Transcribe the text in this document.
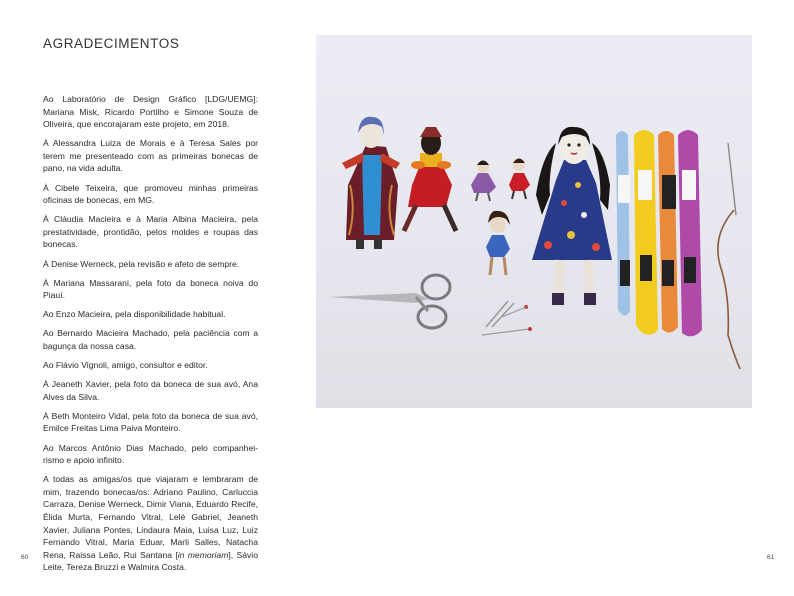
AGRADECIMENTOS

Ao Laboratório de Design Gráfico [LDG/UEMG]: Mariana Misk, Ricardo Portilho e Simone Souza de Oliveira, que encorajaram este projeto, em 2018.

À Alessandra Luiza de Morais e à Teresa Sales por terem me presenteado com as primeiras bonecas de pano, na vida adulta.

À Cibele Teixeira, que promoveu minhas primeiras oficinas de bonecas, em MG.

À Cláudia Macieira e à Maria Albina Macieira, pela prestatividade, prontidão, pelos moldes e roupas das bonecas.

À Denise Werneck, pela revisão e afeto de sempre.

À Mariana Massarani, pela foto da boneca noiva do Piauí.

Ao Enzo Macieira, pela disponibilidade habitual.

Ao Bernardo Macieira Machado, pela paciência com a bagunça da nossa casa.

Ao Flávio Vignoli, amigo, consultor e editor.

À Jeaneth Xavier, pela foto da boneca de sua avó, Ana Alves da Silva.

À Beth Monteiro Vidal, pela foto da boneca de sua avó, Emilce Freitas Lima Paiva Monteiro.

Ao Marcos Antônio Dias Machado, pelo companhei-rismo e apoio infinito.

A todas as amigas/os que viajaram e lembraram de mim, trazendo bonecas/os: Adriano Paulino, Carluccia Carraza, Denise Werneck, Dimir Viana, Eduardo Recife, Élida Murta, Fernando Vitral, Lelé Gabriel, Jeaneth Xavier, Juliana Pontes, Lindaura Maia, Luisa Luz, Luiz Fernando Vitral, Maria Eduar, Marli Salles, Natacha Rena, Raissa Leão, Rui Santana [in memoriam], Sávio Leite, Tereza Bruzzi e Walmira Costa.

60	61
